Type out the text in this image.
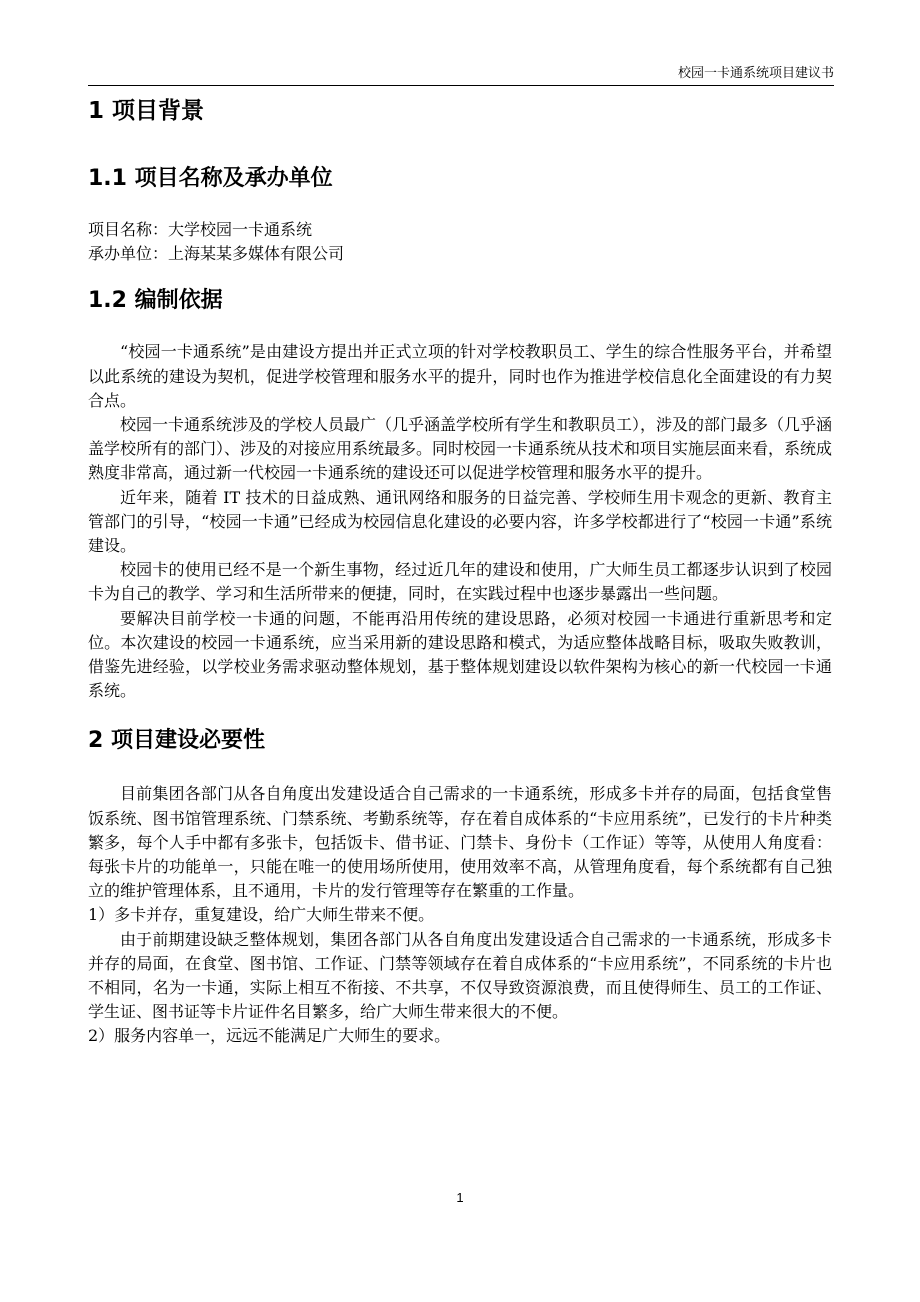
校园一卡通系统项目建议书
1 项目背景
1.1 项目名称及承办单位

项目名称：大学校园一卡通系统

承办单位：上海某某多媒体有限公司

1.2 编制依据

“校园一卡通系统”是由建设方提出并正式立项的针对学校教职员工、学生的综合性服务平台，并希望以此系统的建设为契机，促进学校管理和服务水平的提升，同时也作为推进学校信息化全面建设的有力契合点。

校园一卡通系统涉及的学校人员最广（几乎涵盖学校所有学生和教职员工），涉及的部门最多（几乎涵盖学校所有的部门）、涉及的对接应用系统最多。同时校园一卡通系统从技术和项目实施层面来看，系统成熟度非常高，通过新一代校园一卡通系统的建设还可以促进学校管理和服务水平的提升。

近年来，随着 IT 技术的日益成熟、通讯网络和服务的日益完善、学校师生用卡观念的更新、教育主管部门的引导，“校园一卡通”已经成为校园信息化建设的必要内容，许多学校都进行了“校园一卡通”系统建设。

校园卡的使用已经不是一个新生事物，经过近几年的建设和使用，广大师生员工都逐步认识到了校园卡为自己的教学、学习和生活所带来的便捷，同时，在实践过程中也逐步暴露出一些问题。

要解决目前学校一卡通的问题，不能再沿用传统的建设思路，必须对校园一卡通进行重新思考和定位。本次建设的校园一卡通系统，应当采用新的建设思路和模式，为适应整体战略目标，吸取失败教训，借鉴先进经验，以学校业务需求驱动整体规划，基于整体规划建设以软件架构为核心的新一代校园一卡通系统。

2 项目建设必要性

目前集团各部门从各自角度出发建设适合自己需求的一卡通系统，形成多卡并存的局面，包括食堂售饭系统、图书馆管理系统、门禁系统、考勤系统等，存在着自成体系的“卡应用系统”，已发行的卡片种类繁多，每个人手中都有多张卡，包括饭卡、借书证、门禁卡、身份卡（工作证）等等，从使用人角度看：每张卡片的功能单一，只能在唯一的使用场所使用，使用效率不高，从管理角度看，每个系统都有自己独立的维护管理体系，且不通用，卡片的发行管理等存在繁重的工作量。

1）多卡并存，重复建设，给广大师生带来不便。

由于前期建设缺乏整体规划，集团各部门从各自角度出发建设适合自己需求的一卡通系统，形成多卡并存的局面，在食堂、图书馆、工作证、门禁等领域存在着自成体系的“卡应用系统”，不同系统的卡片也不相同，名为一卡通，实际上相互不衔接、不共享，不仅导致资源浪费，而且使得师生、员工的工作证、学生证、图书证等卡片证件名目繁多，给广大师生带来很大的不便。

2）服务内容单一，远远不能满足广大师生的要求。

1
